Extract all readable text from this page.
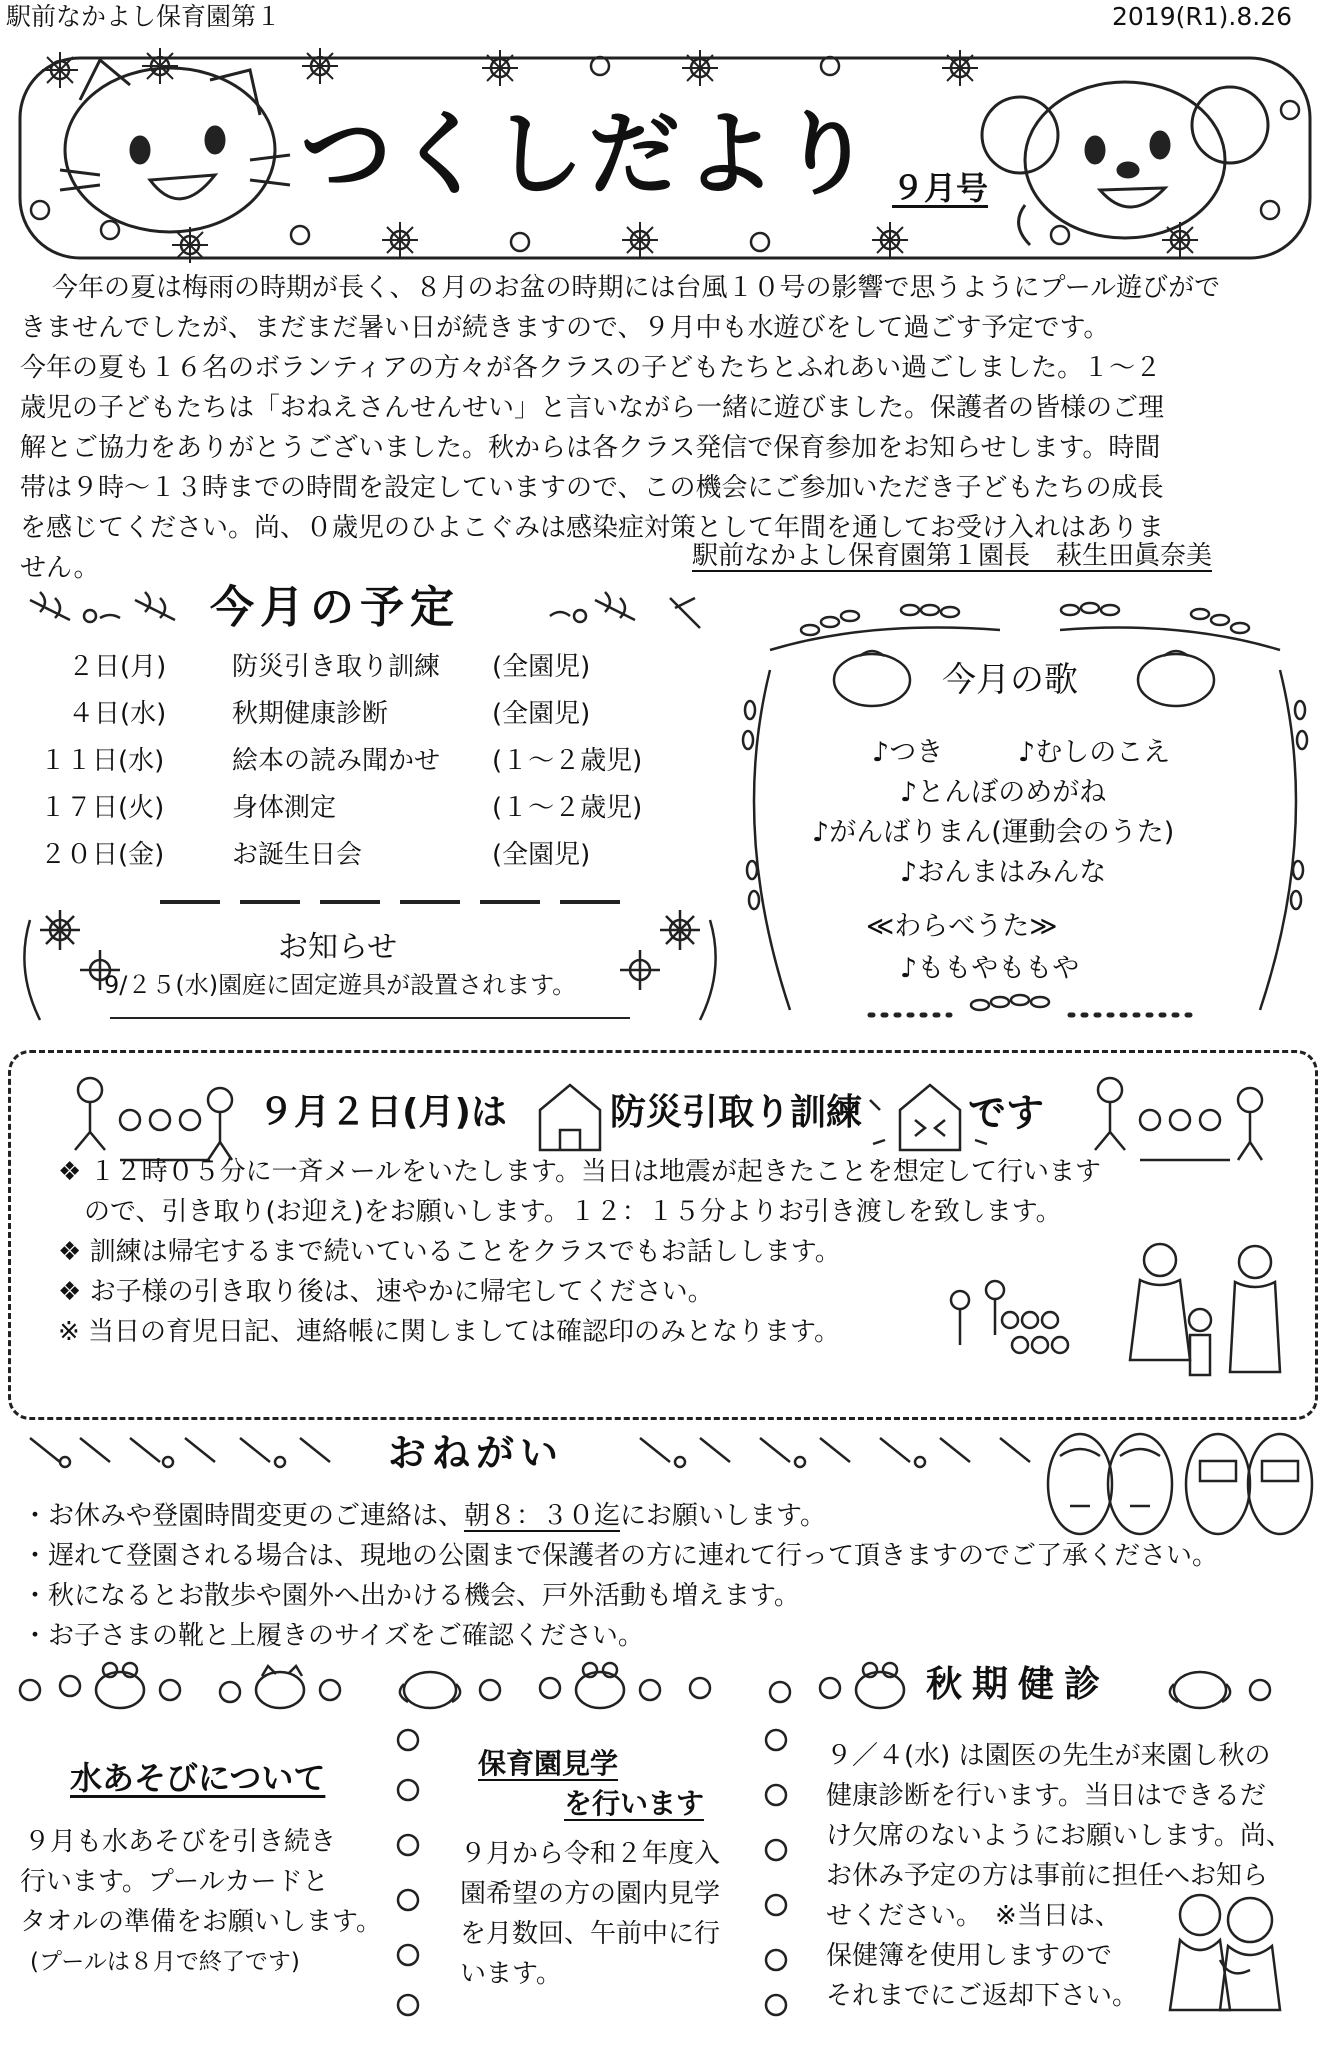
駅前なかよし保育園第１	2019(R1).8.26
つくしだより ９月号
今年の夏は梅雨の時期が長く、８月のお盆の時期には台風１０号の影響で思うようにプール遊びがで
きませんでしたが、まだまだ暑い日が続きますので、９月中も水遊びをして過ごす予定です。
今年の夏も１６名のボランティアの方々が各クラスの子どもたちとふれあい過ごしました。１～２
歳児の子どもたちは「おねえさんせんせい」と言いながら一緒に遊びました。保護者の皆様のご理
解とご協力をありがとうございました。秋からは各クラス発信で保育参加をお知らせします。時間
帯は９時～１３時までの時間を設定していますので、この機会にご参加いただき子どもたちの成長
を感じてください。尚、０歳児のひよこぐみは感染症対策として年間を通してお受け入れはありま
せん。	駅前なかよし保育園第１園長　萩生田眞奈美
今月の予定
２日(月)	防災引き取り訓練 (全園児)
４日(水)	秋期健康診断	(全園児)
１１日(水)	絵本の読み聞かせ (１～２歳児)
１７日(火)	身体測定	(１～２歳児)
２０日(金)	お誕生日会	(全園児)
お知らせ
9/２５(水)園庭に固定遊具が設置されます。
今月の歌
♪つき	♪むしのこえ
♪とんぼのめがね
♪がんばりまん(運動会のうた)
♪おんまはみんな
≪わらべうた≫
♪ももやももや
９月２日(月)は	防災引取り訓練	です
❖ １２時０５分に一斉メールをいたします。当日は地震が起きたことを想定して行います
　ので、引き取り(お迎え)をお願いします。１２：１５分よりお引き渡しを致します。
❖ 訓練は帰宅するまで続いていることをクラスでもお話しします。
❖ お子様の引き取り後は、速やかに帰宅してください。
※ 当日の育児日記、連絡帳に関しましては確認印のみとなります。
おねがい
・お休みや登園時間変更のご連絡は、朝８：３０迄にお願いします。
・遅れて登園される場合は、現地の公園まで保護者の方に連れて行って頂きますのでご了承ください。
・秋になるとお散歩や園外へ出かける機会、戸外活動も増えます。
・お子さまの靴と上履きのサイズをご確認ください。
秋期健診
水あそびについて
９月も水あそびを引き続き
行います。プールカードと
タオルの準備をお願いします。
(プールは８月で終了です)
保育園見学
を行います
９月から令和２年度入
園希望の方の園内見学
を月数回、午前中に行
います。
９／４(水) は園医の先生が来園し秋の
健康診断を行います。当日はできるだ
け欠席のないようにお願いします。尚、
お休み予定の方は事前に担任へお知ら
せください。　※当日は、
保健簿を使用しますので
それまでにご返却下さい。
